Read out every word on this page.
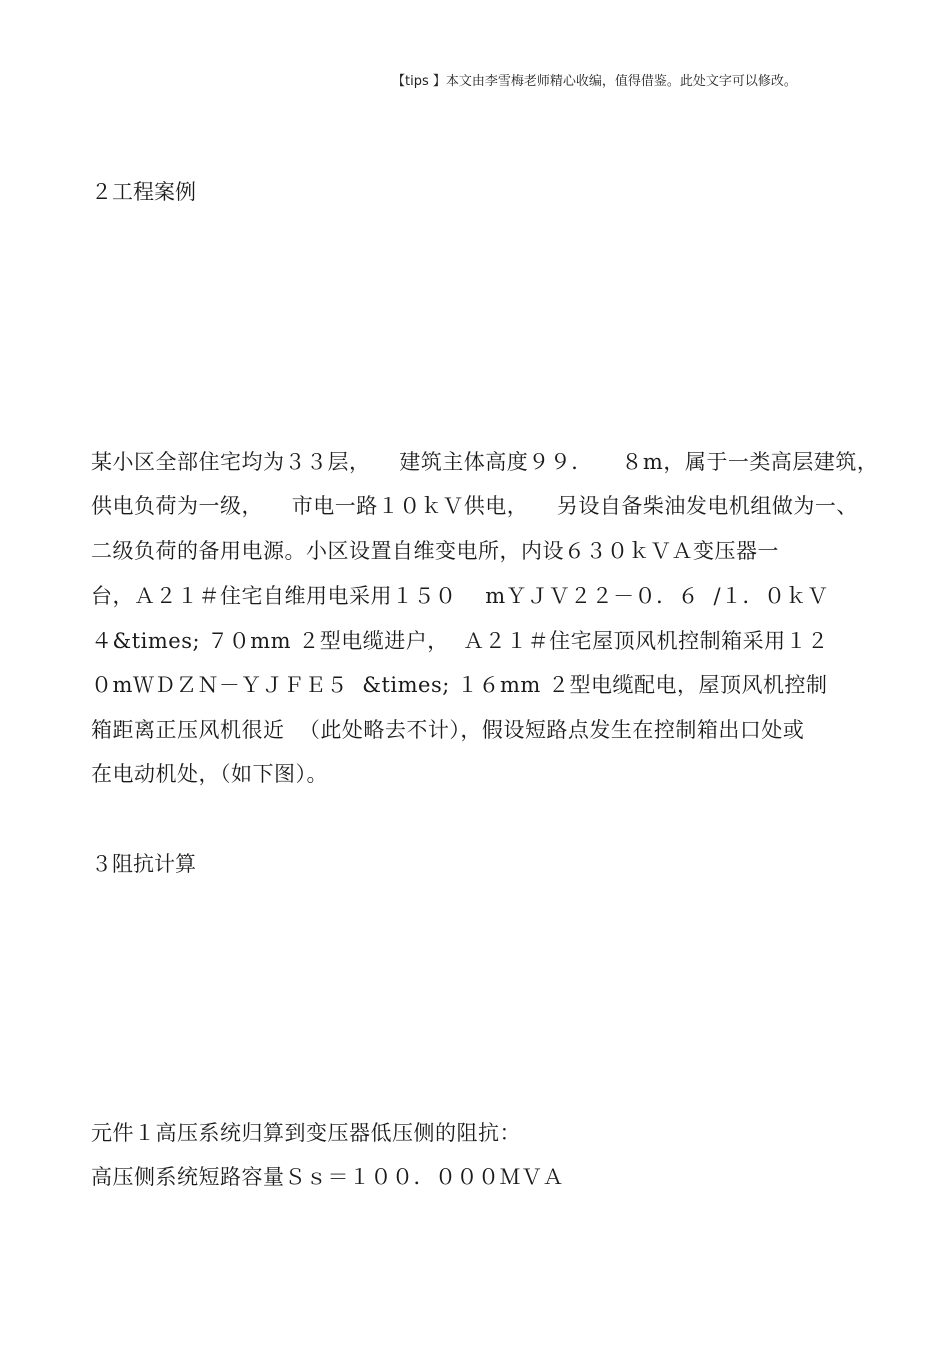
【tips 】本文由李雪梅老师精心收编，值得借鉴。此处文字可以修改。
２工程案例
某小区全部住宅均为３３层，    建筑主体高度９９．    ８m，属于一类高层建筑，
供电负荷为一级，    市电一路１０ｋＶ供电，    另设自备柴油发电机组做为一、
二级负荷的备用电源。小区设置自维变电所，内设６３０ｋＶＡ变压器一
台，Ａ２１＃住宅自维用电采用１５０    mＹＪＶ２２－０．６  /１．０ｋＶ
４&times; ７０mm ２型电缆进户，  Ａ２１＃住宅屋顶风机控制箱采用１２
０mＷＤＺＮ－ＹＪＦＥ５  &times; １６mm ２型电缆配电，屋顶风机控制
箱距离正压风机很近  （此处略去不计），假设短路点发生在控制箱出口处或
在电动机处，（如下图）。
３阻抗计算
元件１高压系统归算到变压器低压侧的阻抗：
高压侧系统短路容量Ｓｓ＝１００．０００ＭＶＡ
